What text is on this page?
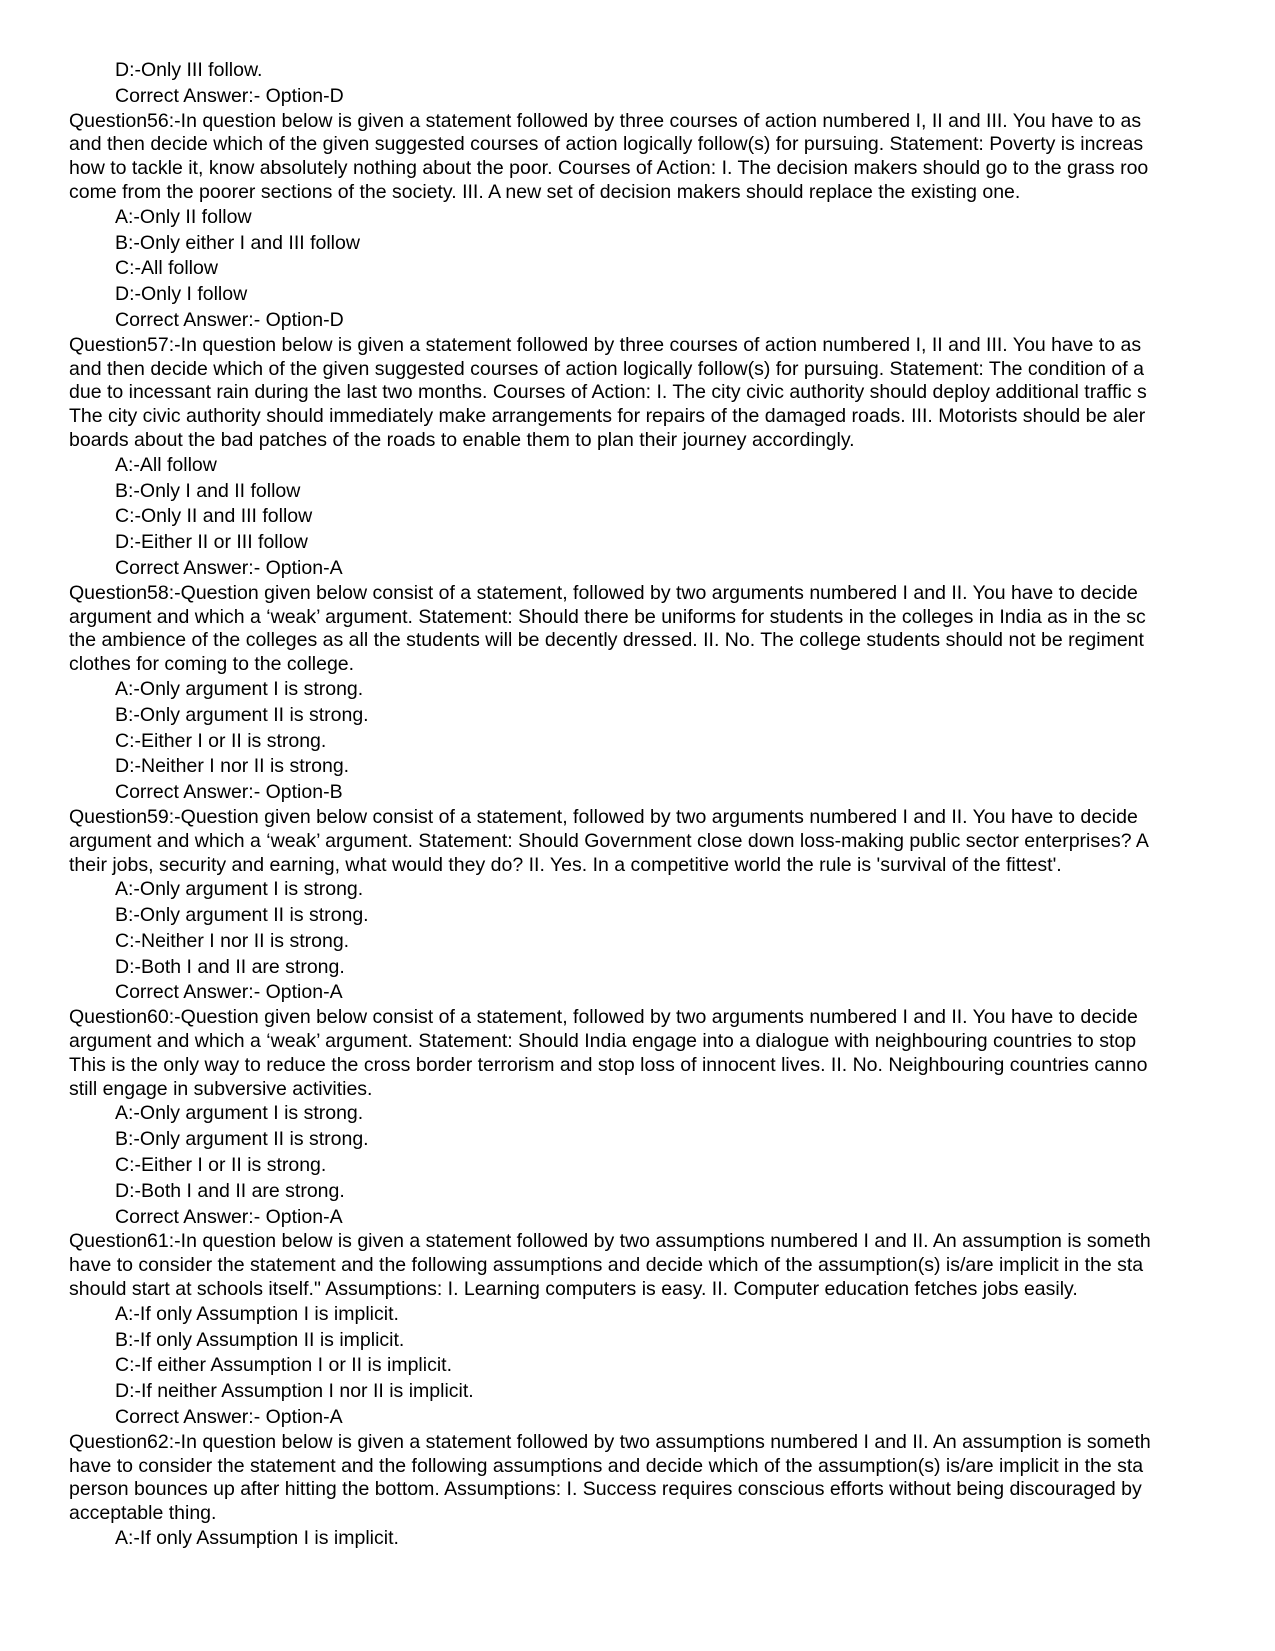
D:-Only III follow.
Correct Answer:- Option-D
Question56:-In question below is given a statement followed by three courses of action numbered I, II and III. You have to as
and then decide which of the given suggested courses of action logically follow(s) for pursuing. Statement: Poverty is increas
how to tackle it, know absolutely nothing about the poor. Courses of Action: I. The decision makers should go to the grass roo
come from the poorer sections of the society. III. A new set of decision makers should replace the existing one.
A:-Only II follow
B:-Only either I and III follow
C:-All follow
D:-Only I follow
Correct Answer:- Option-D
Question57:-In question below is given a statement followed by three courses of action numbered I, II and III. You have to as
and then decide which of the given suggested courses of action logically follow(s) for pursuing. Statement: The condition of a
due to incessant rain during the last two months. Courses of Action: I. The city civic authority should deploy additional traffic s
The city civic authority should immediately make arrangements for repairs of the damaged roads. III. Motorists should be aler
boards about the bad patches of the roads to enable them to plan their journey accordingly.
A:-All follow
B:-Only I and II follow
C:-Only II and III follow
D:-Either II or III follow
Correct Answer:- Option-A
Question58:-Question given below consist of a statement, followed by two arguments numbered I and II. You have to decide
argument and which a ‘weak’ argument. Statement: Should there be uniforms for students in the colleges in India as in the sc
the ambience of the colleges as all the students will be decently dressed. II. No. The college students should not be regiment
clothes for coming to the college.
A:-Only argument I is strong.
B:-Only argument II is strong.
C:-Either I or II is strong.
D:-Neither I nor II is strong.
Correct Answer:- Option-B
Question59:-Question given below consist of a statement, followed by two arguments numbered I and II. You have to decide
argument and which a ‘weak’ argument. Statement: Should Government close down loss-making public sector enterprises? A
their jobs, security and earning, what would they do? II. Yes. In a competitive world the rule is 'survival of the fittest'.
A:-Only argument I is strong.
B:-Only argument II is strong.
C:-Neither I nor II is strong.
D:-Both I and II are strong.
Correct Answer:- Option-A
Question60:-Question given below consist of a statement, followed by two arguments numbered I and II. You have to decide
argument and which a ‘weak’ argument. Statement: Should India engage into a dialogue with neighbouring countries to stop
This is the only way to reduce the cross border terrorism and stop loss of innocent lives. II. No. Neighbouring countries canno
still engage in subversive activities.
A:-Only argument I is strong.
B:-Only argument II is strong.
C:-Either I or II is strong.
D:-Both I and II are strong.
Correct Answer:- Option-A
Question61:-In question below is given a statement followed by two assumptions numbered I and II. An assumption is someth
have to consider the statement and the following assumptions and decide which of the assumption(s) is/are implicit in the sta
should start at schools itself." Assumptions: I. Learning computers is easy. II. Computer education fetches jobs easily.
A:-If only Assumption I is implicit.
B:-If only Assumption II is implicit.
C:-If either Assumption I or II is implicit.
D:-If neither Assumption I nor II is implicit.
Correct Answer:- Option-A
Question62:-In question below is given a statement followed by two assumptions numbered I and II. An assumption is someth
have to consider the statement and the following assumptions and decide which of the assumption(s) is/are implicit in the sta
person bounces up after hitting the bottom. Assumptions: I. Success requires conscious efforts without being discouraged by
acceptable thing.
A:-If only Assumption I is implicit.
